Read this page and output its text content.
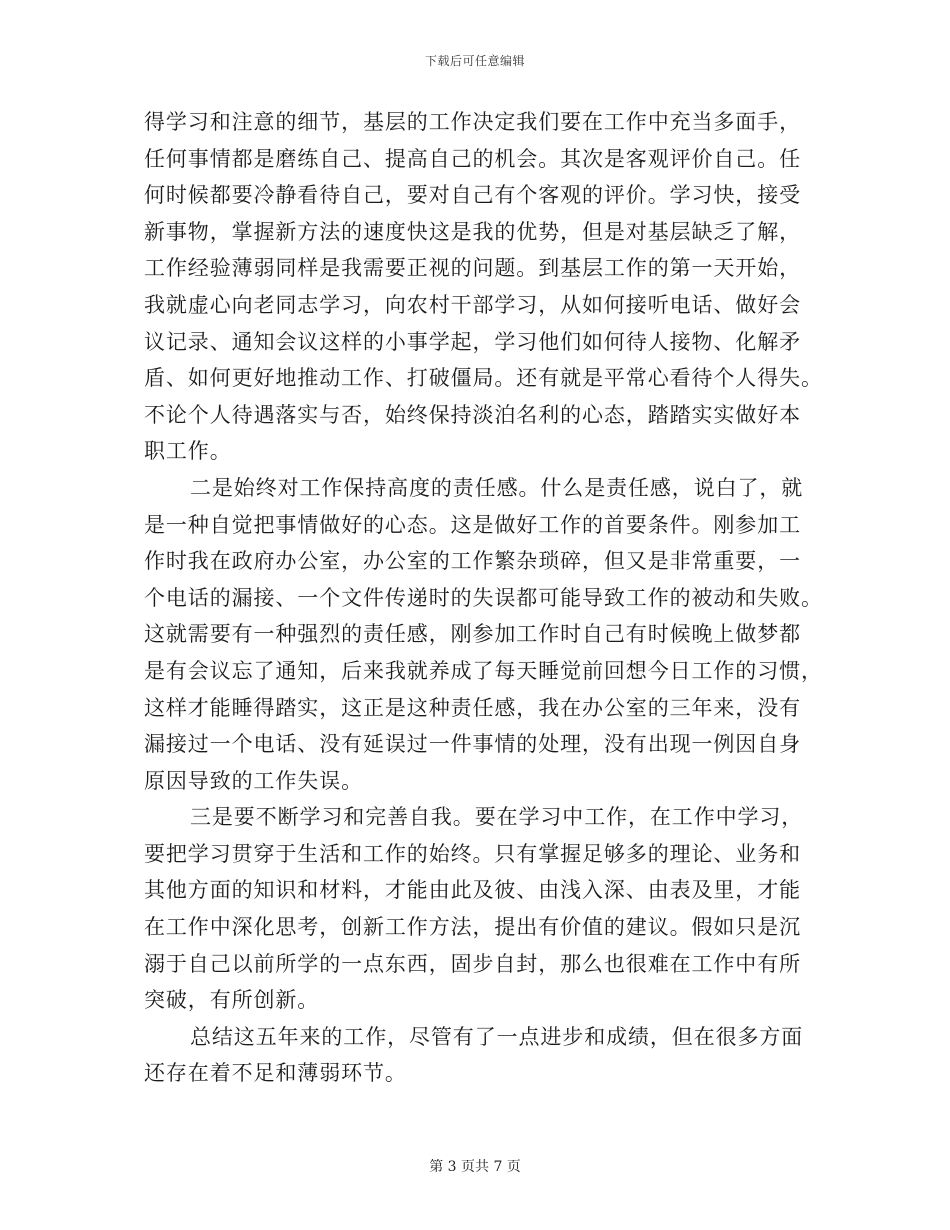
下载后可任意编辑
得学习和注意的细节，基层的工作决定我们要在工作中充当多面手，
任何事情都是磨练自己、提高自己的机会。其次是客观评价自己。任
何时候都要冷静看待自己，要对自己有个客观的评价。学习快，接受
新事物，掌握新方法的速度快这是我的优势，但是对基层缺乏了解，
工作经验薄弱同样是我需要正视的问题。到基层工作的第一天开始，
我就虚心向老同志学习，向农村干部学习，从如何接听电话、做好会
议记录、通知会议这样的小事学起，学习他们如何待人接物、化解矛
盾、如何更好地推动工作、打破僵局。还有就是平常心看待个人得失。
不论个人待遇落实与否，始终保持淡泊名利的心态，踏踏实实做好本
职工作。
二是始终对工作保持高度的责任感。什么是责任感，说白了，就
是一种自觉把事情做好的心态。这是做好工作的首要条件。刚参加工
作时我在政府办公室，办公室的工作繁杂琐碎，但又是非常重要，一
个电话的漏接、一个文件传递时的失误都可能导致工作的被动和失败。
这就需要有一种强烈的责任感，刚参加工作时自己有时候晚上做梦都
是有会议忘了通知，后来我就养成了每天睡觉前回想今日工作的习惯，
这样才能睡得踏实，这正是这种责任感，我在办公室的三年来，没有
漏接过一个电话、没有延误过一件事情的处理，没有出现一例因自身
原因导致的工作失误。
三是要不断学习和完善自我。要在学习中工作，在工作中学习，
要把学习贯穿于生活和工作的始终。只有掌握足够多的理论、业务和
其他方面的知识和材料，才能由此及彼、由浅入深、由表及里，才能
在工作中深化思考，创新工作方法，提出有价值的建议。假如只是沉
溺于自己以前所学的一点东西，固步自封，那么也很难在工作中有所
突破，有所创新。
总结这五年来的工作，尽管有了一点进步和成绩，但在很多方面
还存在着不足和薄弱环节。
第 3 页共 7 页
